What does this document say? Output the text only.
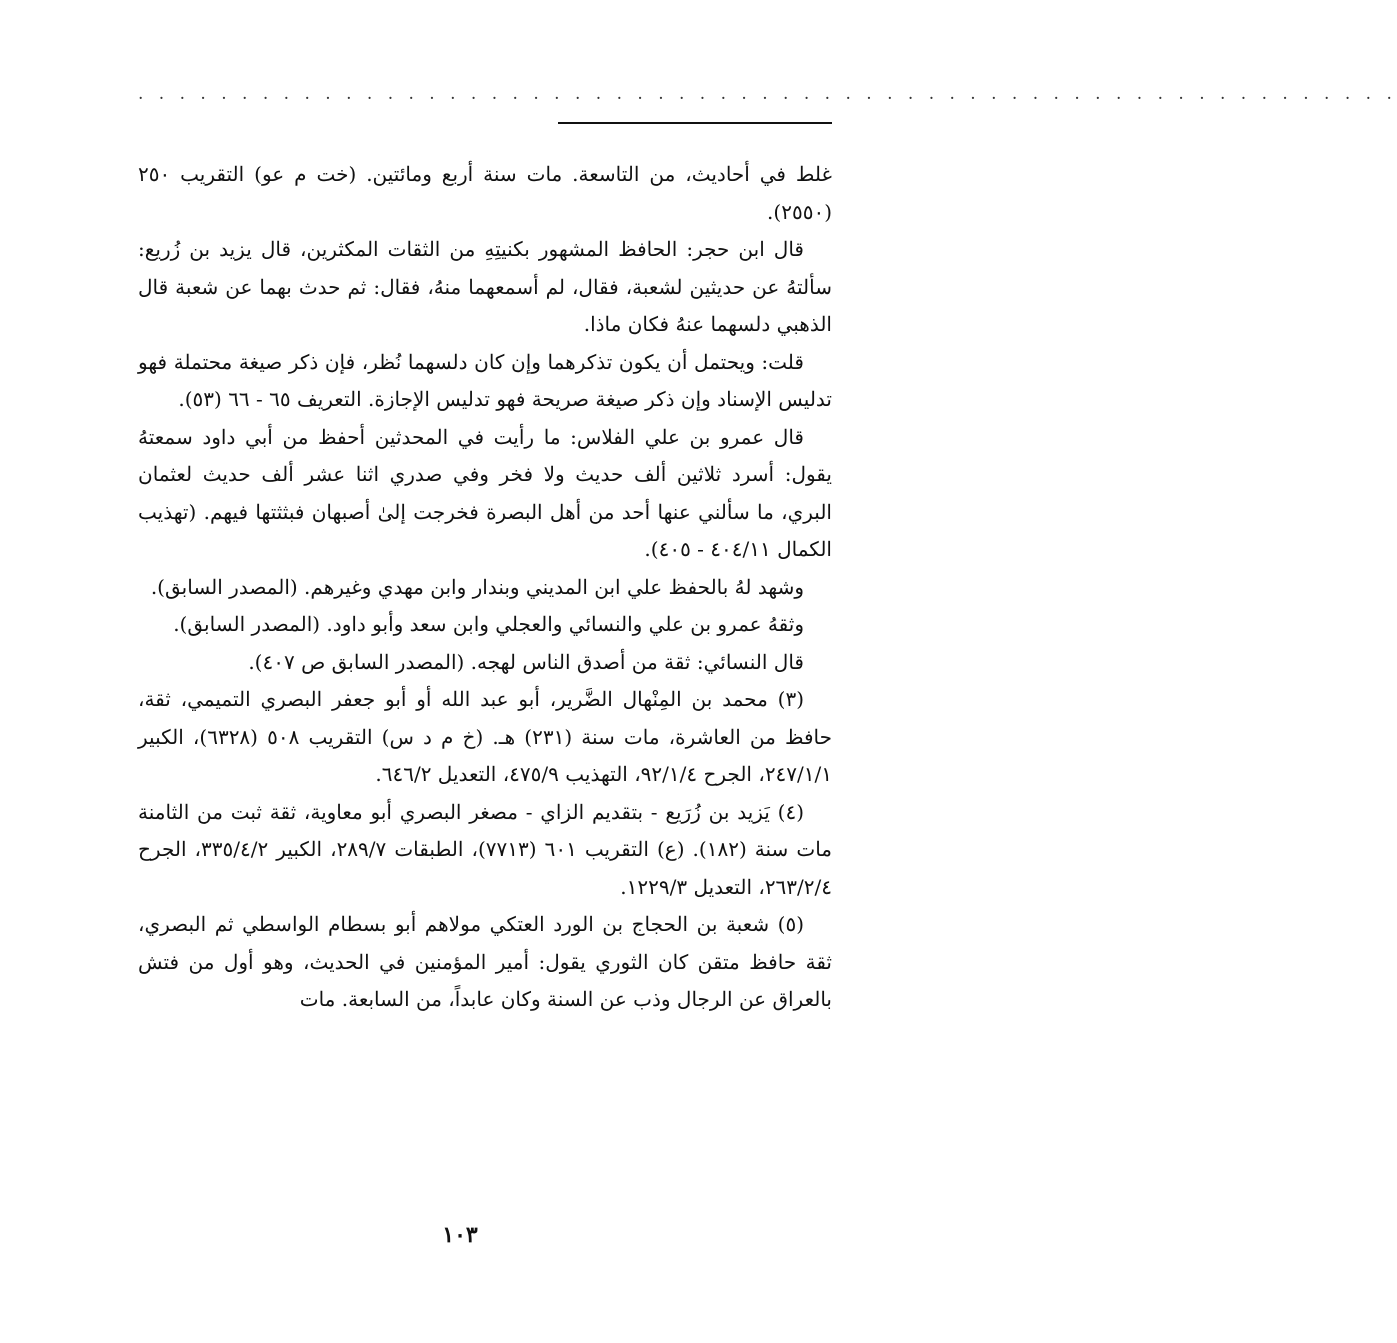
. . . . . . . . . . . . . . . . . . . . . . . . . . . . . . . . . . . . . . . . . . . . . . . . . . . . . . . . . . . . .

غلط في أحاديث، من التاسعة. مات سنة أربع ومائتين. (خت م عو) التقريب ٢٥٠ (٢٥٥٠).

قال ابن حجر: الحافظ المشهور بكنيتِهِ من الثقات المكثرين، قال يزيد بن زُريع: سألتهُ عن حديثين لشعبة، فقال، لم أسمعهما منهُ، فقال: ثم حدث بهما عن شعبة قال الذهبي دلسهما عنهُ فكان ماذا.

قلت: ويحتمل أن يكون تذكرهما وإن كان دلسهما نُظر، فإن ذكر صيغة محتملة فهو تدليس الإسناد وإن ذكر صيغة صريحة فهو تدليس الإجازة. التعريف ٦٥ - ٦٦ (٥٣).

قال عمرو بن علي الفلاس: ما رأيت في المحدثين أحفظ من أبي داود سمعتهُ يقول: أسرد ثلاثين ألف حديث ولا فخر وفي صدري اثنا عشر ألف حديث لعثمان البري، ما سألني عنها أحد من أهل البصرة فخرجت إلىٰ أصبهان فبثثتها فيهم. (تهذيب الكمال ٤٠٤/١١ - ٤٠٥).

وشهد لهُ بالحفظ علي ابن المديني وبندار وابن مهدي وغيرهم. (المصدر السابق).

وثقهُ عمرو بن علي والنسائي والعجلي وابن سعد وأبو داود. (المصدر السابق).

قال النسائي: ثقة من أصدق الناس لهجه. (المصدر السابق ص ٤٠٧).

(٣) محمد بن المِنْهال الضَّرير، أبو عبد الله أو أبو جعفر البصري التميمي، ثقة، حافظ من العاشرة، مات سنة (٢٣١) هـ. (خ م د س) التقريب ٥٠٨ (٦٣٢٨)، الكبير ٢٤٧/١/١، الجرح ٩٢/١/٤، التهذيب ٤٧٥/٩، التعديل ٦٤٦/٢.

(٤) يَزيد بن زُرَيع - بتقديم الزاي - مصغر البصري أبو معاوية، ثقة ثبت من الثامنة مات سنة (١٨٢). (ع) التقريب ٦٠١ (٧٧١٣)، الطبقات ٢٨٩/٧، الكبير ٣٣٥/٤/٢، الجرح ٢٦٣/٢/٤، التعديل ١٢٢٩/٣.

(٥) شعبة بن الحجاج بن الورد العتكي مولاهم أبو بسطام الواسطي ثم البصري، ثقة حافظ متقن كان الثوري يقول: أمير المؤمنين في الحديث، وهو أول من فتش بالعراق عن الرجال وذب عن السنة وكان عابداً، من السابعة. مات

١٠٣
